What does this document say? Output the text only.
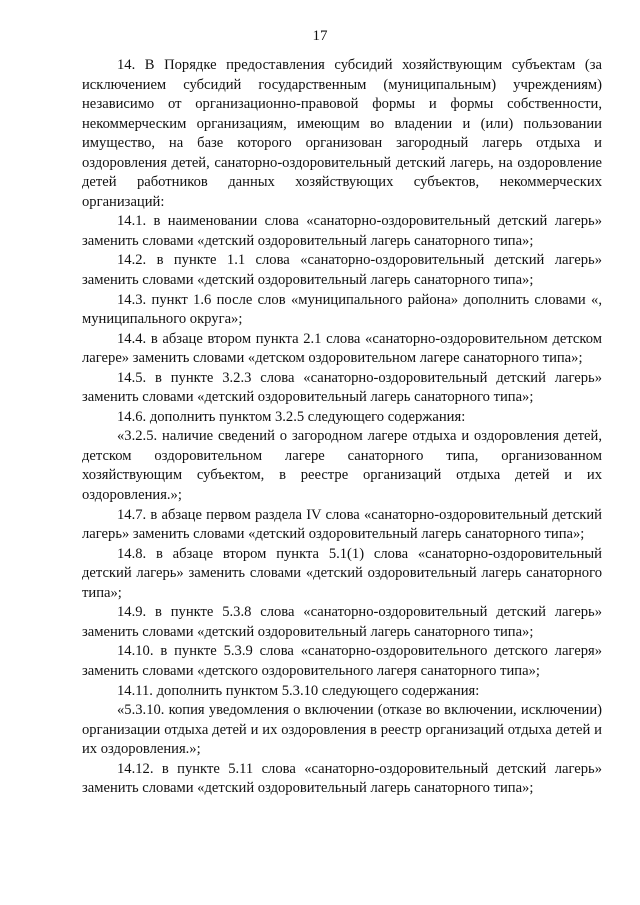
17

14. В Порядке предоставления субсидий хозяйствующим субъектам (за исключением субсидий государственным (муниципальным) учреждениям) независимо от организационно-правовой формы и формы собственности, некоммерческим организациям, имеющим во владении и (или) пользовании имущество, на базе которого организован загородный лагерь отдыха и оздоровления детей, санаторно-оздоровительный детский лагерь, на оздоровление детей работников данных хозяйствующих субъектов, некоммерческих организаций:

14.1. в наименовании слова «санаторно-оздоровительный детский лагерь» заменить словами «детский оздоровительный лагерь санаторного типа»;

14.2. в пункте 1.1 слова «санаторно-оздоровительный детский лагерь» заменить словами «детский оздоровительный лагерь санаторного типа»;

14.3. пункт 1.6 после слов «муниципального района» дополнить словами «, муниципального округа»;

14.4. в абзаце втором пункта 2.1 слова «санаторно-оздоровительном детском лагере» заменить словами «детском оздоровительном лагере санаторного типа»;

14.5. в пункте 3.2.3 слова «санаторно-оздоровительный детский лагерь» заменить словами «детский оздоровительный лагерь санаторного типа»;

14.6. дополнить пунктом 3.2.5 следующего содержания:

«3.2.5. наличие сведений о загородном лагере отдыха и оздоровления детей, детском оздоровительном лагере санаторного типа, организованном хозяйствующим субъектом, в реестре организаций отдыха детей и их оздоровления.»;

14.7. в абзаце первом раздела IV слова «санаторно-оздоровительный детский лагерь» заменить словами «детский оздоровительный лагерь санаторного типа»;

14.8. в абзаце втором пункта 5.1(1) слова «санаторно-оздоровительный детский лагерь» заменить словами «детский оздоровительный лагерь санаторного типа»;

14.9. в пункте 5.3.8 слова «санаторно-оздоровительный детский лагерь» заменить словами «детский оздоровительный лагерь санаторного типа»;

14.10. в пункте 5.3.9 слова «санаторно-оздоровительного детского лагеря» заменить словами «детского оздоровительного лагеря санаторного типа»;

14.11. дополнить пунктом 5.3.10 следующего содержания:

«5.3.10. копия уведомления о включении (отказе во включении, исключении) организации отдыха детей и их оздоровления в реестр организаций отдыха детей и их оздоровления.»;

14.12. в пункте 5.11 слова «санаторно-оздоровительный детский лагерь» заменить словами «детский оздоровительный лагерь санаторного типа»;
